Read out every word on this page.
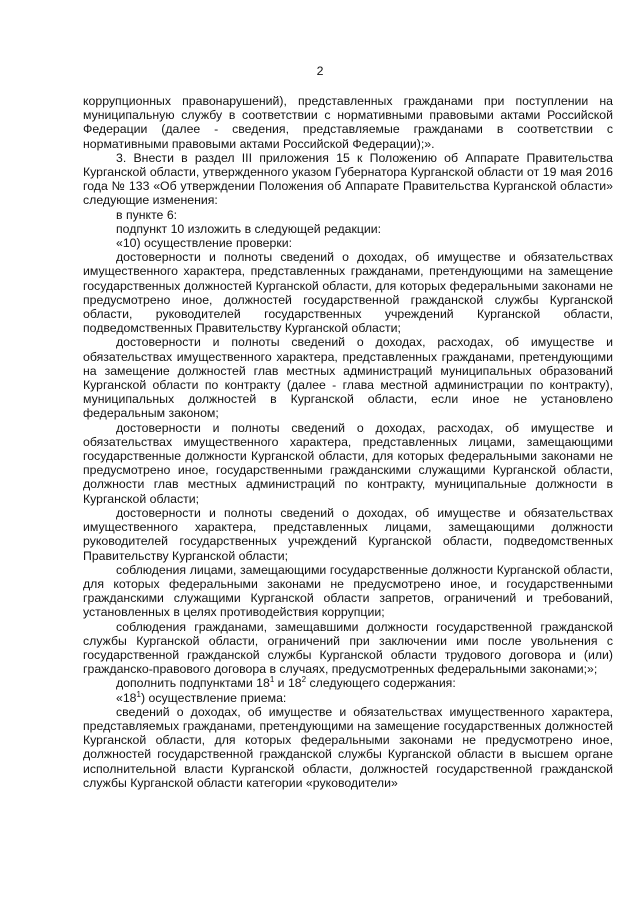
2

коррупционных правонарушений), представленных гражданами при поступлении на муниципальную службу в соответствии с нормативными правовыми актами Российской Федерации (далее - сведения, представляемые гражданами в соответствии с нормативными правовыми актами Российской Федерации);».

3. Внести в раздел III приложения 15 к Положению об Аппарате Правительства Курганской области, утвержденного указом Губернатора Курганской области от 19 мая 2016 года № 133 «Об утверждении Положения об Аппарате Правительства Курганской области» следующие изменения:

в пункте 6:

подпункт 10 изложить в следующей редакции:

«10) осуществление проверки:

достоверности и полноты сведений о доходах, об имуществе и обязательствах имущественного характера, представленных гражданами, претендующими на замещение государственных должностей Курганской области, для которых федеральными законами не предусмотрено иное, должностей государственной гражданской службы Курганской области, руководителей государственных учреждений Курганской области, подведомственных Правительству Курганской области;

достоверности и полноты сведений о доходах, расходах, об имуществе и обязательствах имущественного характера, представленных гражданами, претендующими на замещение должностей глав местных администраций муниципальных образований Курганской области по контракту (далее - глава местной администрации по контракту), муниципальных должностей в Курганской области, если иное не установлено федеральным законом;

достоверности и полноты сведений о доходах, расходах, об имуществе и обязательствах имущественного характера, представленных лицами, замещающими государственные должности Курганской области, для которых федеральными законами не предусмотрено иное, государственными гражданскими служащими Курганской области, должности глав местных администраций по контракту, муниципальные должности в Курганской области;

достоверности и полноты сведений о доходах, об имуществе и обязательствах имущественного характера, представленных лицами, замещающими должности руководителей государственных учреждений Курганской области, подведомственных Правительству Курганской области;

соблюдения лицами, замещающими государственные должности Курганской области, для которых федеральными законами не предусмотрено иное, и государственными гражданскими служащими Курганской области запретов, ограничений и требований, установленных в целях противодействия коррупции;

соблюдения гражданами, замещавшими должности государственной гражданской службы Курганской области, ограничений при заключении ими после увольнения с государственной гражданской службы Курганской области трудового договора и (или) гражданско-правового договора в случаях, предусмотренных федеральными законами;»;

дополнить подпунктами $18^1$ и $18^2$ следующего содержания:

«$18^1$) осуществление приема:

сведений о доходах, об имуществе и обязательствах имущественного характера, представляемых гражданами, претендующими на замещение государственных должностей Курганской области, для которых федеральными законами не предусмотрено иное, должностей государственной гражданской службы Курганской области в высшем органе исполнительной власти Курганской области, должностей государственной гражданской службы Курганской области категории «руководители»
